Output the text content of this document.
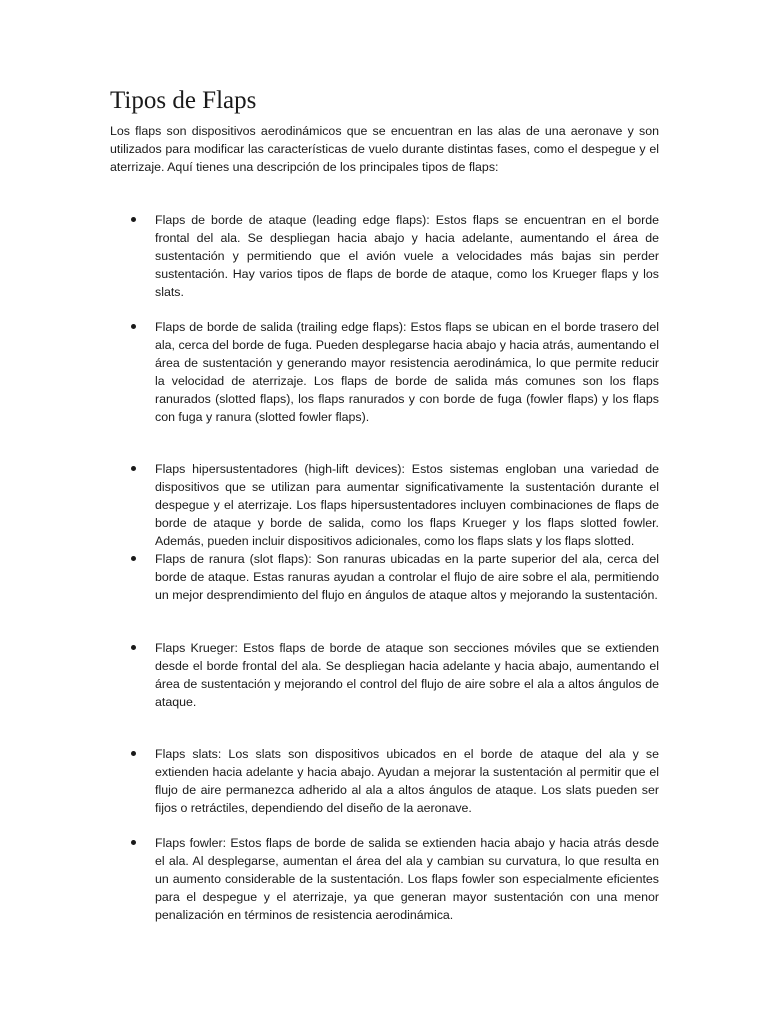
Tipos de Flaps

Los flaps son dispositivos aerodinámicos que se encuentran en las alas de una aeronave y son utilizados para modificar las características de vuelo durante distintas fases, como el despegue y el aterrizaje. Aquí tienes una descripción de los principales tipos de flaps:

Flaps de borde de ataque (leading edge flaps): Estos flaps se encuentran en el borde frontal del ala. Se despliegan hacia abajo y hacia adelante, aumentando el área de sustentación y permitiendo que el avión vuele a velocidades más bajas sin perder sustentación. Hay varios tipos de flaps de borde de ataque, como los Krueger flaps y los slats.
Flaps de borde de salida (trailing edge flaps): Estos flaps se ubican en el borde trasero del ala, cerca del borde de fuga. Pueden desplegarse hacia abajo y hacia atrás, aumentando el área de sustentación y generando mayor resistencia aerodinámica, lo que permite reducir la velocidad de aterrizaje. Los flaps de borde de salida más comunes son los flaps ranurados (slotted flaps), los flaps ranurados y con borde de fuga (fowler flaps) y los flaps con fuga y ranura (slotted fowler flaps).
Flaps hipersustentadores (high-lift devices): Estos sistemas engloban una variedad de dispositivos que se utilizan para aumentar significativamente la sustentación durante el despegue y el aterrizaje. Los flaps hipersustentadores incluyen combinaciones de flaps de borde de ataque y borde de salida, como los flaps Krueger y los flaps slotted fowler. Además, pueden incluir dispositivos adicionales, como los flaps slats y los flaps slotted.
Flaps de ranura (slot flaps): Son ranuras ubicadas en la parte superior del ala, cerca del borde de ataque. Estas ranuras ayudan a controlar el flujo de aire sobre el ala, permitiendo un mejor desprendimiento del flujo en ángulos de ataque altos y mejorando la sustentación.
Flaps Krueger: Estos flaps de borde de ataque son secciones móviles que se extienden desde el borde frontal del ala. Se despliegan hacia adelante y hacia abajo, aumentando el área de sustentación y mejorando el control del flujo de aire sobre el ala a altos ángulos de ataque.
Flaps slats: Los slats son dispositivos ubicados en el borde de ataque del ala y se extienden hacia adelante y hacia abajo. Ayudan a mejorar la sustentación al permitir que el flujo de aire permanezca adherido al ala a altos ángulos de ataque. Los slats pueden ser fijos o retráctiles, dependiendo del diseño de la aeronave.
Flaps fowler: Estos flaps de borde de salida se extienden hacia abajo y hacia atrás desde el ala. Al desplegarse, aumentan el área del ala y cambian su curvatura, lo que resulta en un aumento considerable de la sustentación. Los flaps fowler son especialmente eficientes para el despegue y el aterrizaje, ya que generan mayor sustentación con una menor penalización en términos de resistencia aerodinámica.
